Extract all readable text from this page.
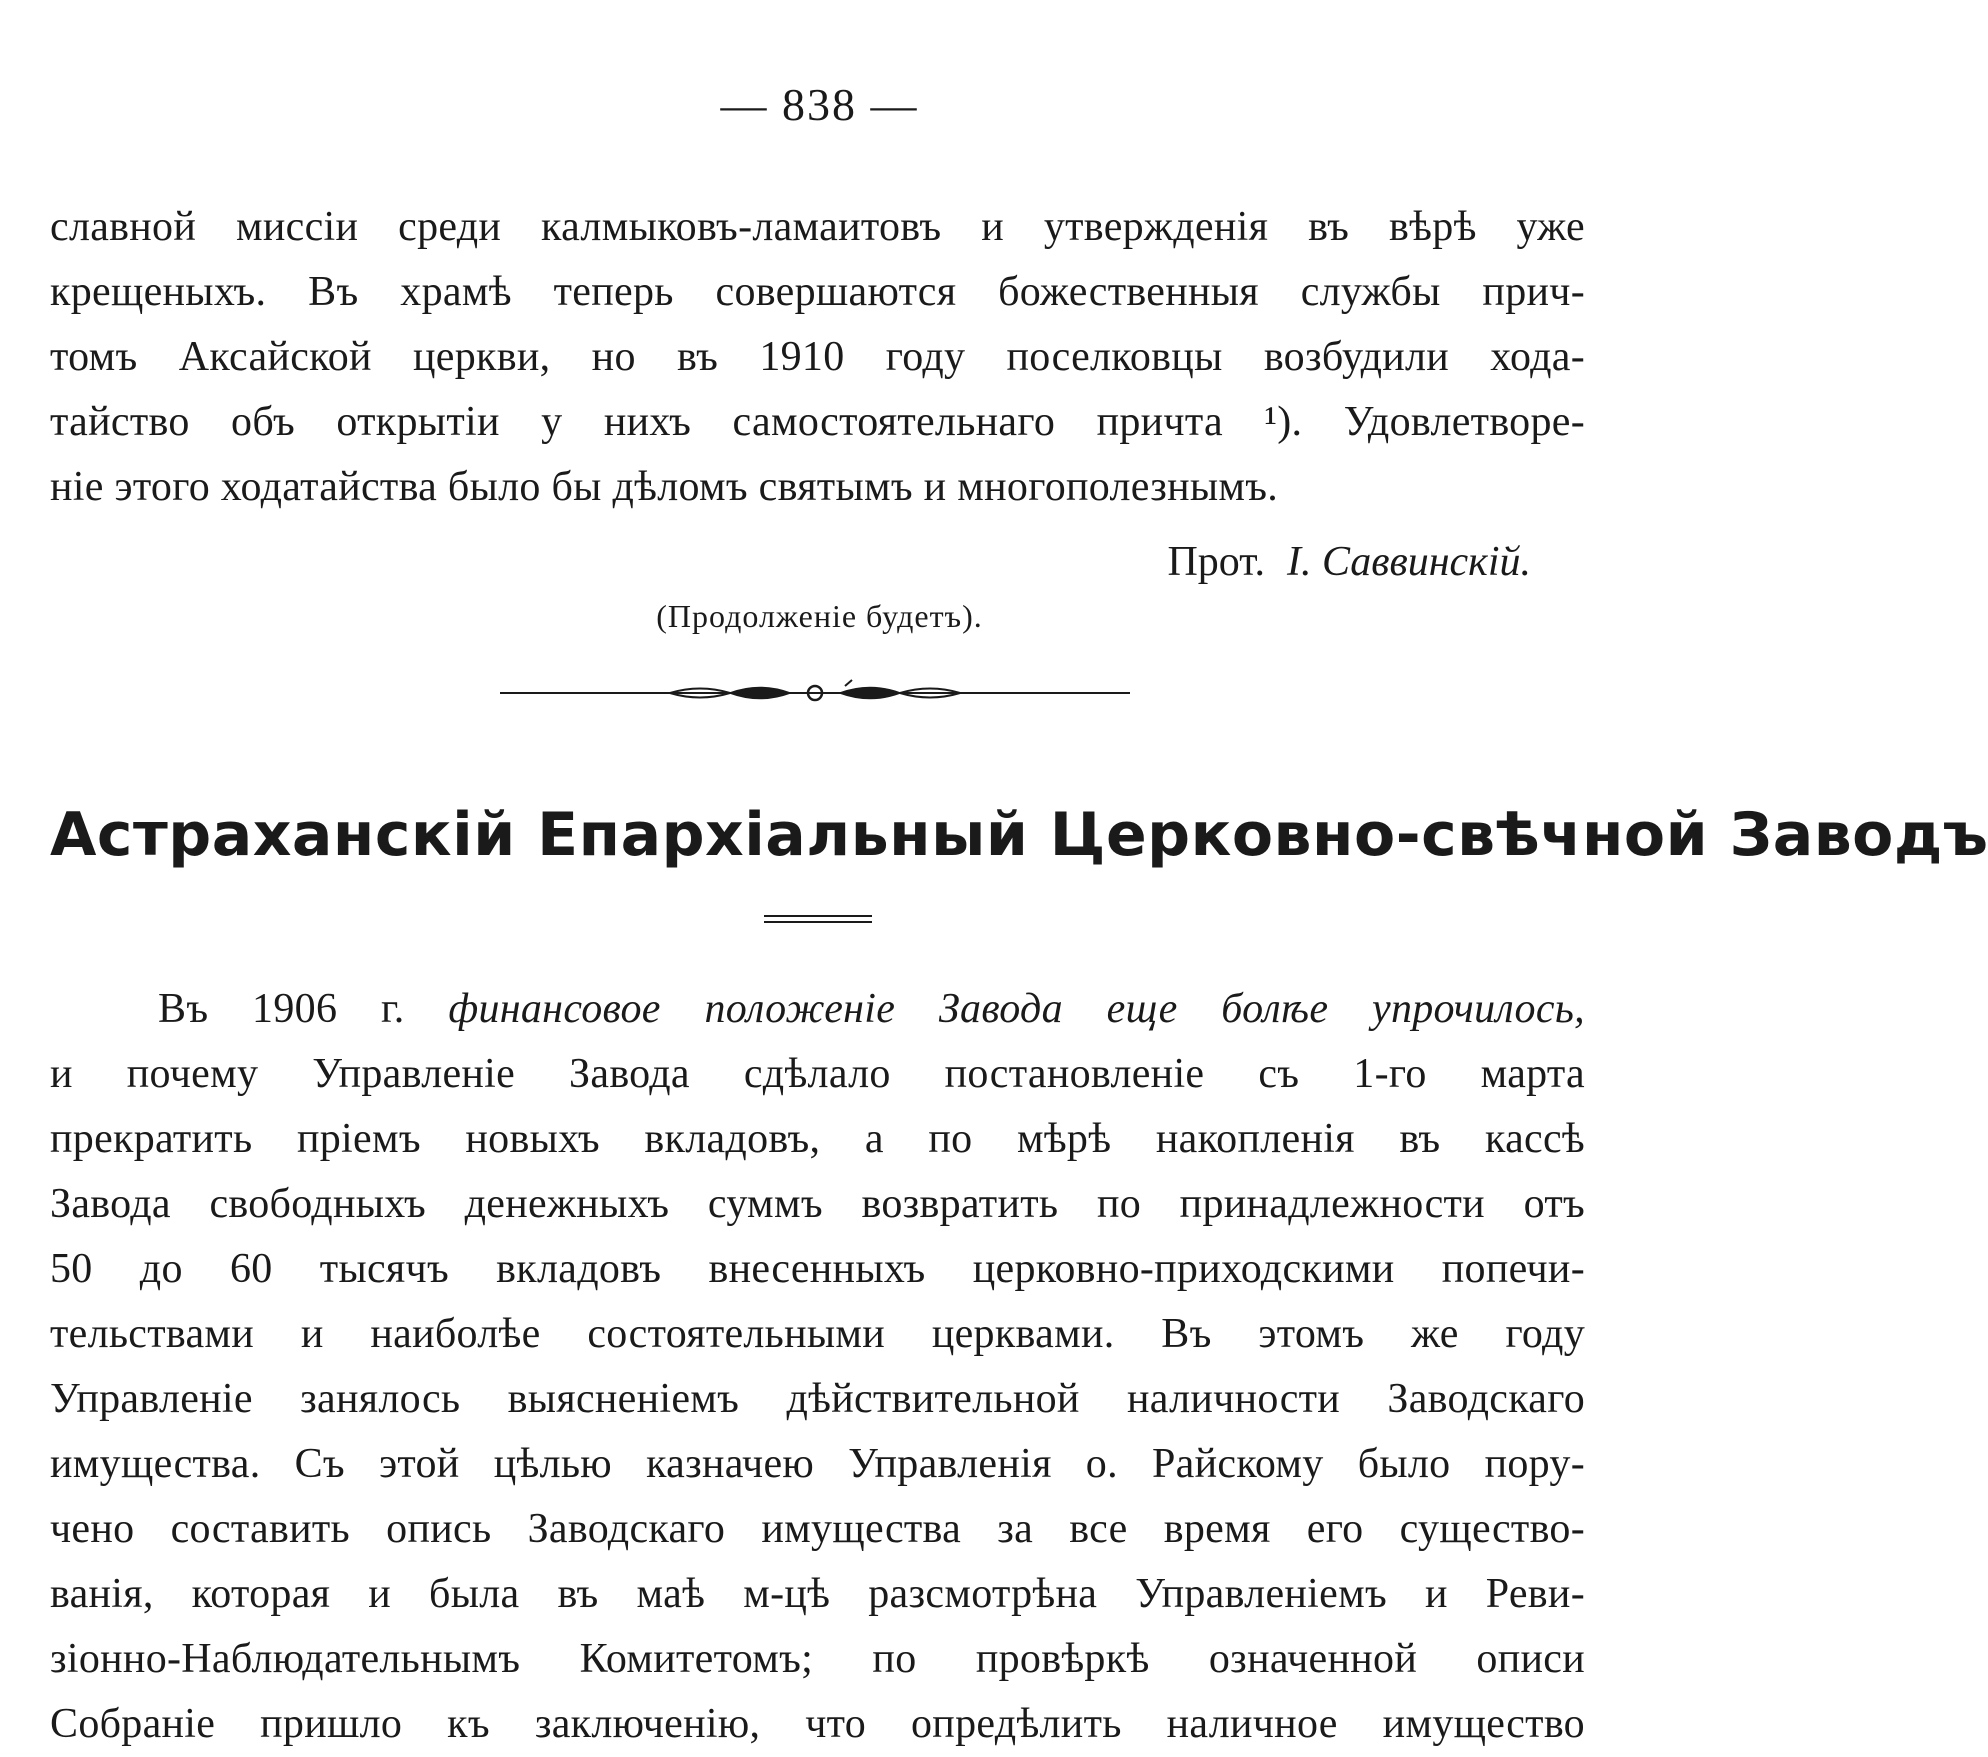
— 838 —
славной миссіи среди калмыковъ-ламаитовъ и утвержденія въ вѣрѣ уже
крещеныхъ. Въ храмѣ теперь совершаются божественныя службы прич-
томъ Аксайской церкви, но въ 1910 году поселковцы возбудили хода-
тайство объ открытіи у нихъ самостоятельнаго причта ¹). Удовлетворе-
ніе этого ходатайства было бы дѣломъ святымъ и многополезнымъ.
Прот. І. Саввинскій.
(Продолженіе будетъ).
Астраханскій Епархіальный Церковно-свѣчной Заводъ
Въ 1906 г. финансовое положеніе Завода еще болѣе упрочилось,
и почему Управленіе Завода сдѣлало постановленіе съ 1-го марта
прекратить пріемъ новыхъ вкладовъ, а по мѣрѣ накопленія въ кассѣ
Завода свободныхъ денежныхъ суммъ возвратить по принадлежности отъ
50 до 60 тысячъ вкладовъ внесенныхъ церковно-приходскими попечи-
тельствами и наиболѣе состоятельными церквами. Въ этомъ же году
Управленіе занялось выясненіемъ дѣйствительной наличности Заводскаго
имущества. Съ этой цѣлью казначею Управленія о. Райскому было пору-
чено составить опись Заводскаго имущества за все время его существо-
ванія, которая и была въ маѣ м-цѣ разсмотрѣна Управленіемъ и Реви-
зіонно-Наблюдательнымъ Комитетомъ; по провѣркѣ означенной описи
Собраніе пришло къ заключенію, что опредѣлить наличное имущество
